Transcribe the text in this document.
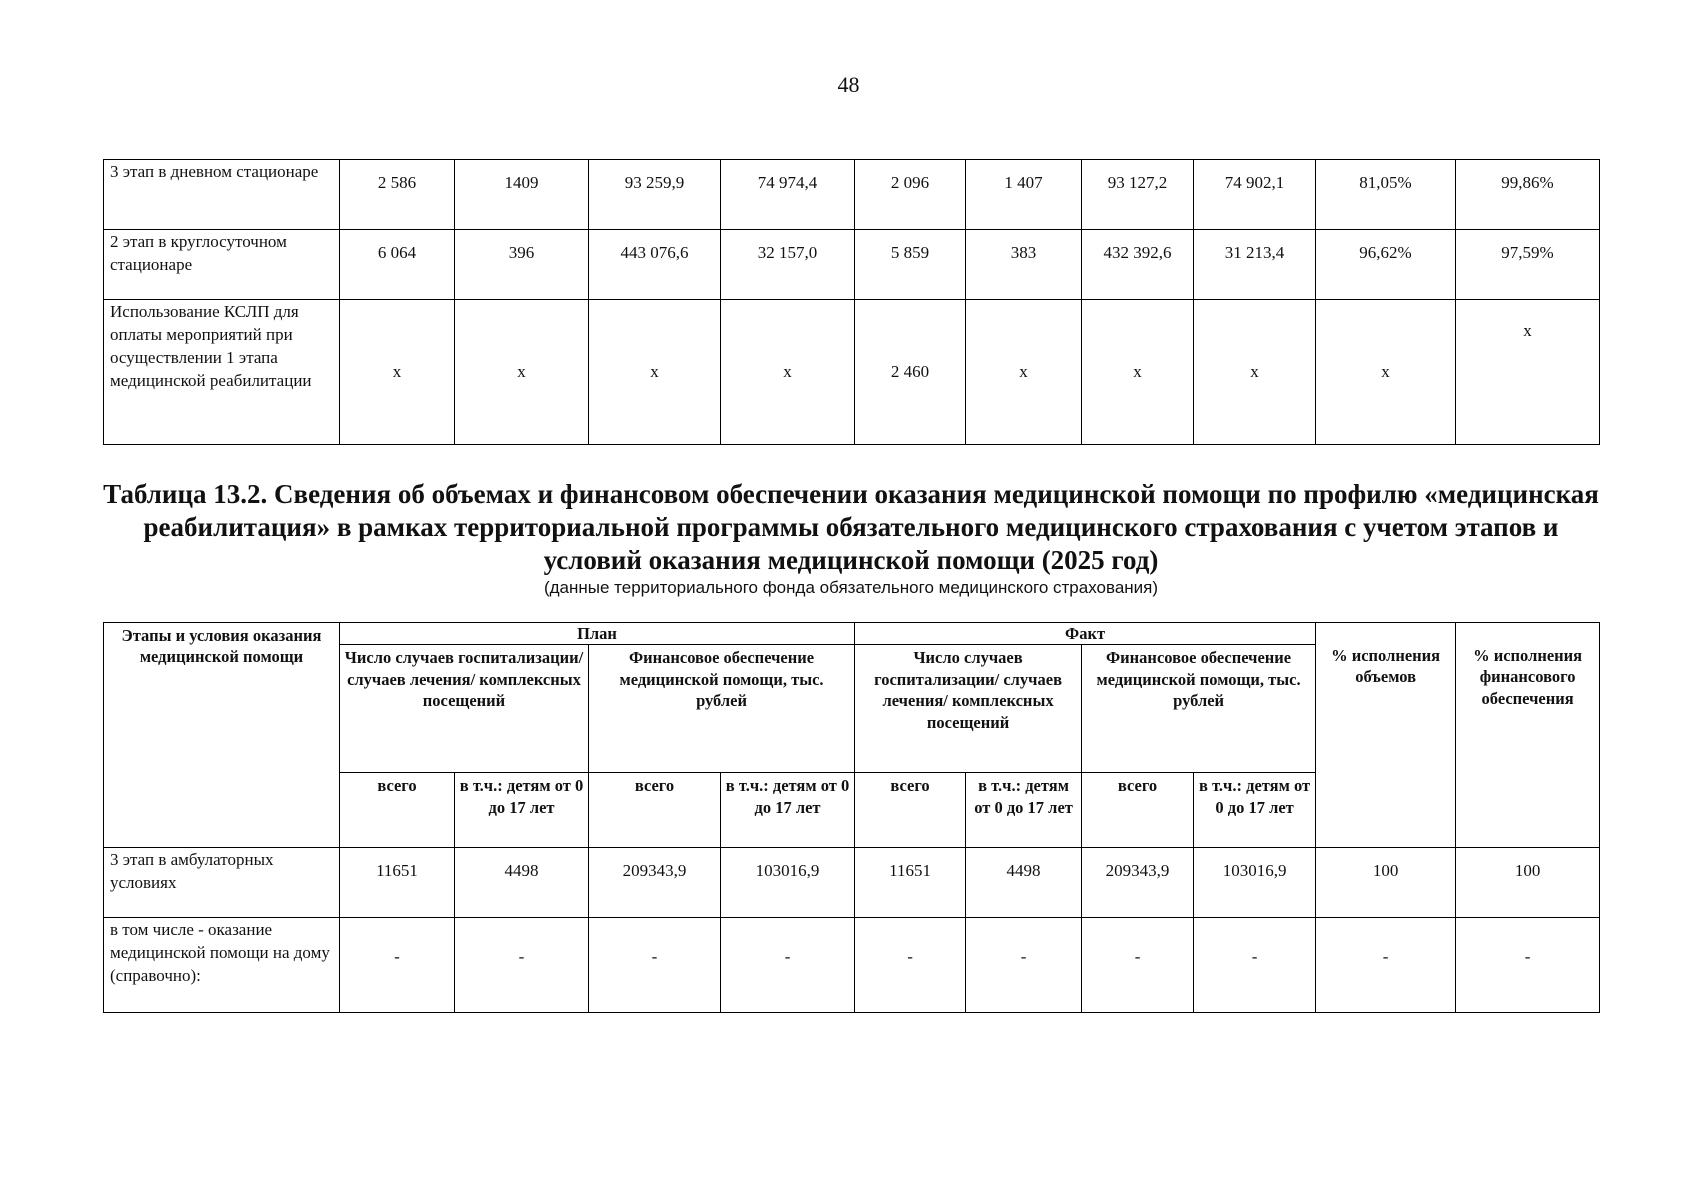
48
3 этап в дневном стационаре	2 586	1409	93 259,9	74 974,4	2 096	1 407	93 127,2	74 902,1	81,05%	99,86%
2 этап в круглосуточном стационаре	6 064	396	443 076,6	32 157,0	5 859	383	432 392,6	31 213,4	96,62%	97,59%
Использование КСЛП для оплаты мероприятий при осуществлении 1 этапа медицинской реабилитации	х	х	х	х	2 460	х	х	х	х	х
Таблица 13.2. Сведения об объемах и финансовом обеспечении оказания медицинской помощи по профилю «медицинская реабилитация» в рамках территориальной программы обязательного медицинского страхования с учетом этапов и условий оказания медицинской помощи (2025 год)
(данные территориального фонда обязательного медицинского страхования)
Этапы и условия оказания медицинской помощи	План				Факт				% исполнения объемов	% исполнения финансового обеспечения
	Число случаев госпитализации/ случаев лечения/ комплексных посещений		Финансовое обеспечение медицинской помощи, тыс. рублей		Число случаев госпитализации/ случаев лечения/ комплексных посещений		Финансовое обеспечение медицинской помощи, тыс. рублей			
	всего	в т.ч.: детям от 0 до 17 лет	всего	в т.ч.: детям от 0 до 17 лет	всего	в т.ч.: детям от 0 до 17 лет	всего	в т.ч.: детям от 0 до 17 лет		
3 этап в амбулаторных условиях	11651	4498	209343,9	103016,9	11651	4498	209343,9	103016,9	100	100
в том числе - оказание медицинской помощи на дому (справочно):	-	-	-	-	-	-	-	-	-	-
